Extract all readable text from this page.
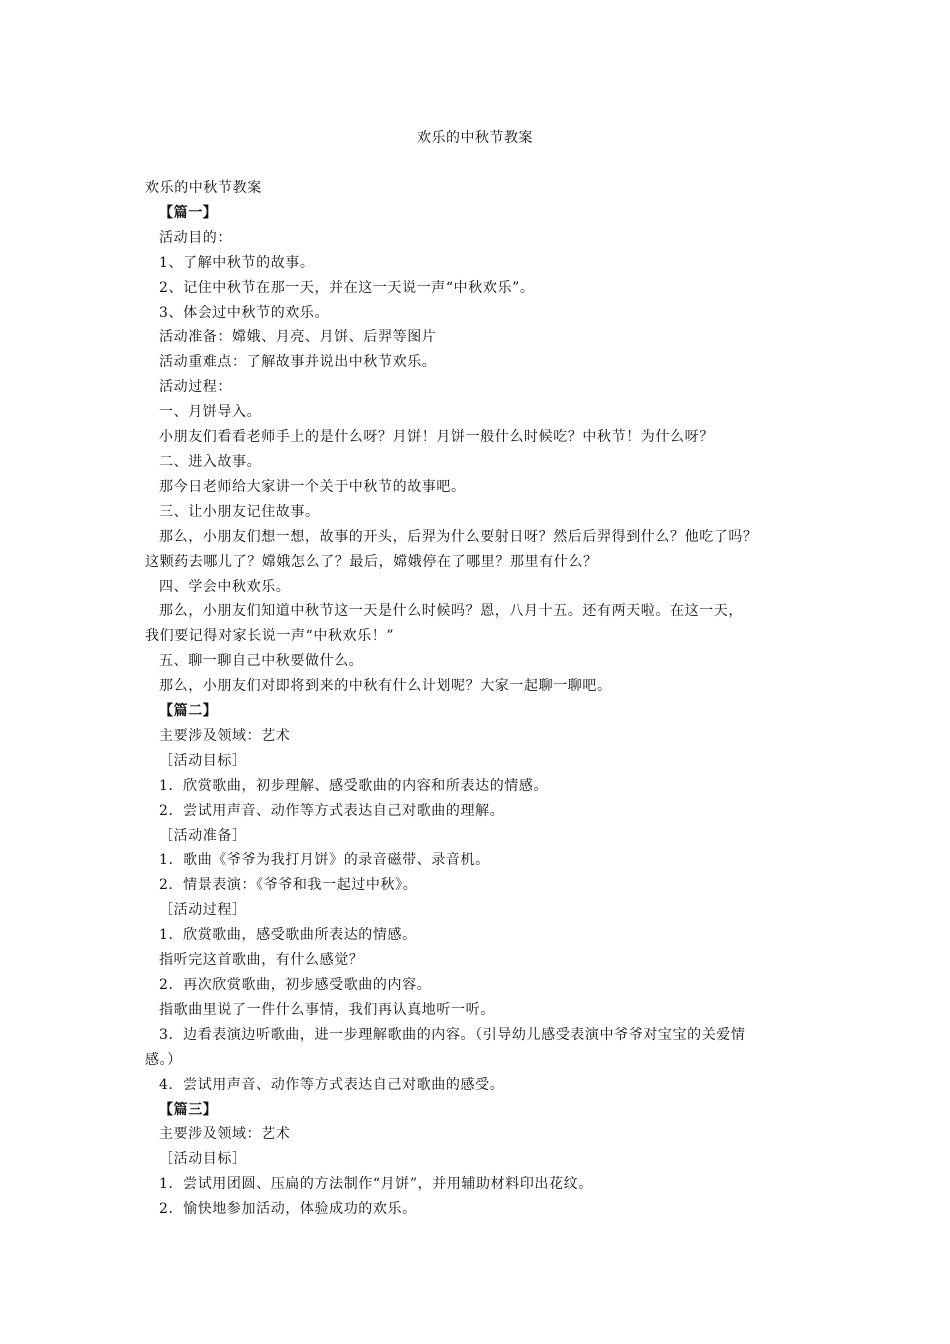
欢乐的中秋节教案

欢乐的中秋节教案

【篇一】

活动目的：

1、了解中秋节的故事。

2、记住中秋节在那一天，并在这一天说一声“中秋欢乐”。

3、体会过中秋节的欢乐。

活动准备：嫦娥、月亮、月饼、后羿等图片

活动重难点：了解故事并说出中秋节欢乐。

活动过程：

一、月饼导入。

小朋友们看看老师手上的是什么呀？月饼！月饼一般什么时候吃？中秋节！为什么呀？

二、进入故事。

那今日老师给大家讲一个关于中秋节的故事吧。

三、让小朋友记住故事。

那么，小朋友们想一想，故事的开头，后羿为什么要射日呀？然后后羿得到什么？他吃了吗？

这颗药去哪儿了？嫦娥怎么了？最后，嫦娥停在了哪里？那里有什么？

四、学会中秋欢乐。

那么，小朋友们知道中秋节这一天是什么时候吗？恩，八月十五。还有两天啦。在这一天，

我们要记得对家长说一声“中秋欢乐！”

五、聊一聊自己中秋要做什么。

那么，小朋友们对即将到来的中秋有什么计划呢？大家一起聊一聊吧。

【篇二】

主要涉及领域：艺术

［活动目标］

1．欣赏歌曲，初步理解、感受歌曲的内容和所表达的情感。

2．尝试用声音、动作等方式表达自己对歌曲的理解。

［活动准备］

1．歌曲《爷爷为我打月饼》的录音磁带、录音机。

2．情景表演：《爷爷和我一起过中秋》。

［活动过程］

1．欣赏歌曲，感受歌曲所表达的情感。

指听完这首歌曲，有什么感觉？

2．再次欣赏歌曲，初步感受歌曲的内容。

指歌曲里说了一件什么事情，我们再认真地听一听。

3．边看表演边听歌曲，进一步理解歌曲的内容。（引导幼儿感受表演中爷爷对宝宝的关爱情

感。）

4．尝试用声音、动作等方式表达自己对歌曲的感受。

【篇三】

主要涉及领域：艺术

［活动目标］

1．尝试用团圆、压扁的方法制作“月饼”，并用辅助材料印出花纹。

2．愉快地参加活动，体验成功的欢乐。
